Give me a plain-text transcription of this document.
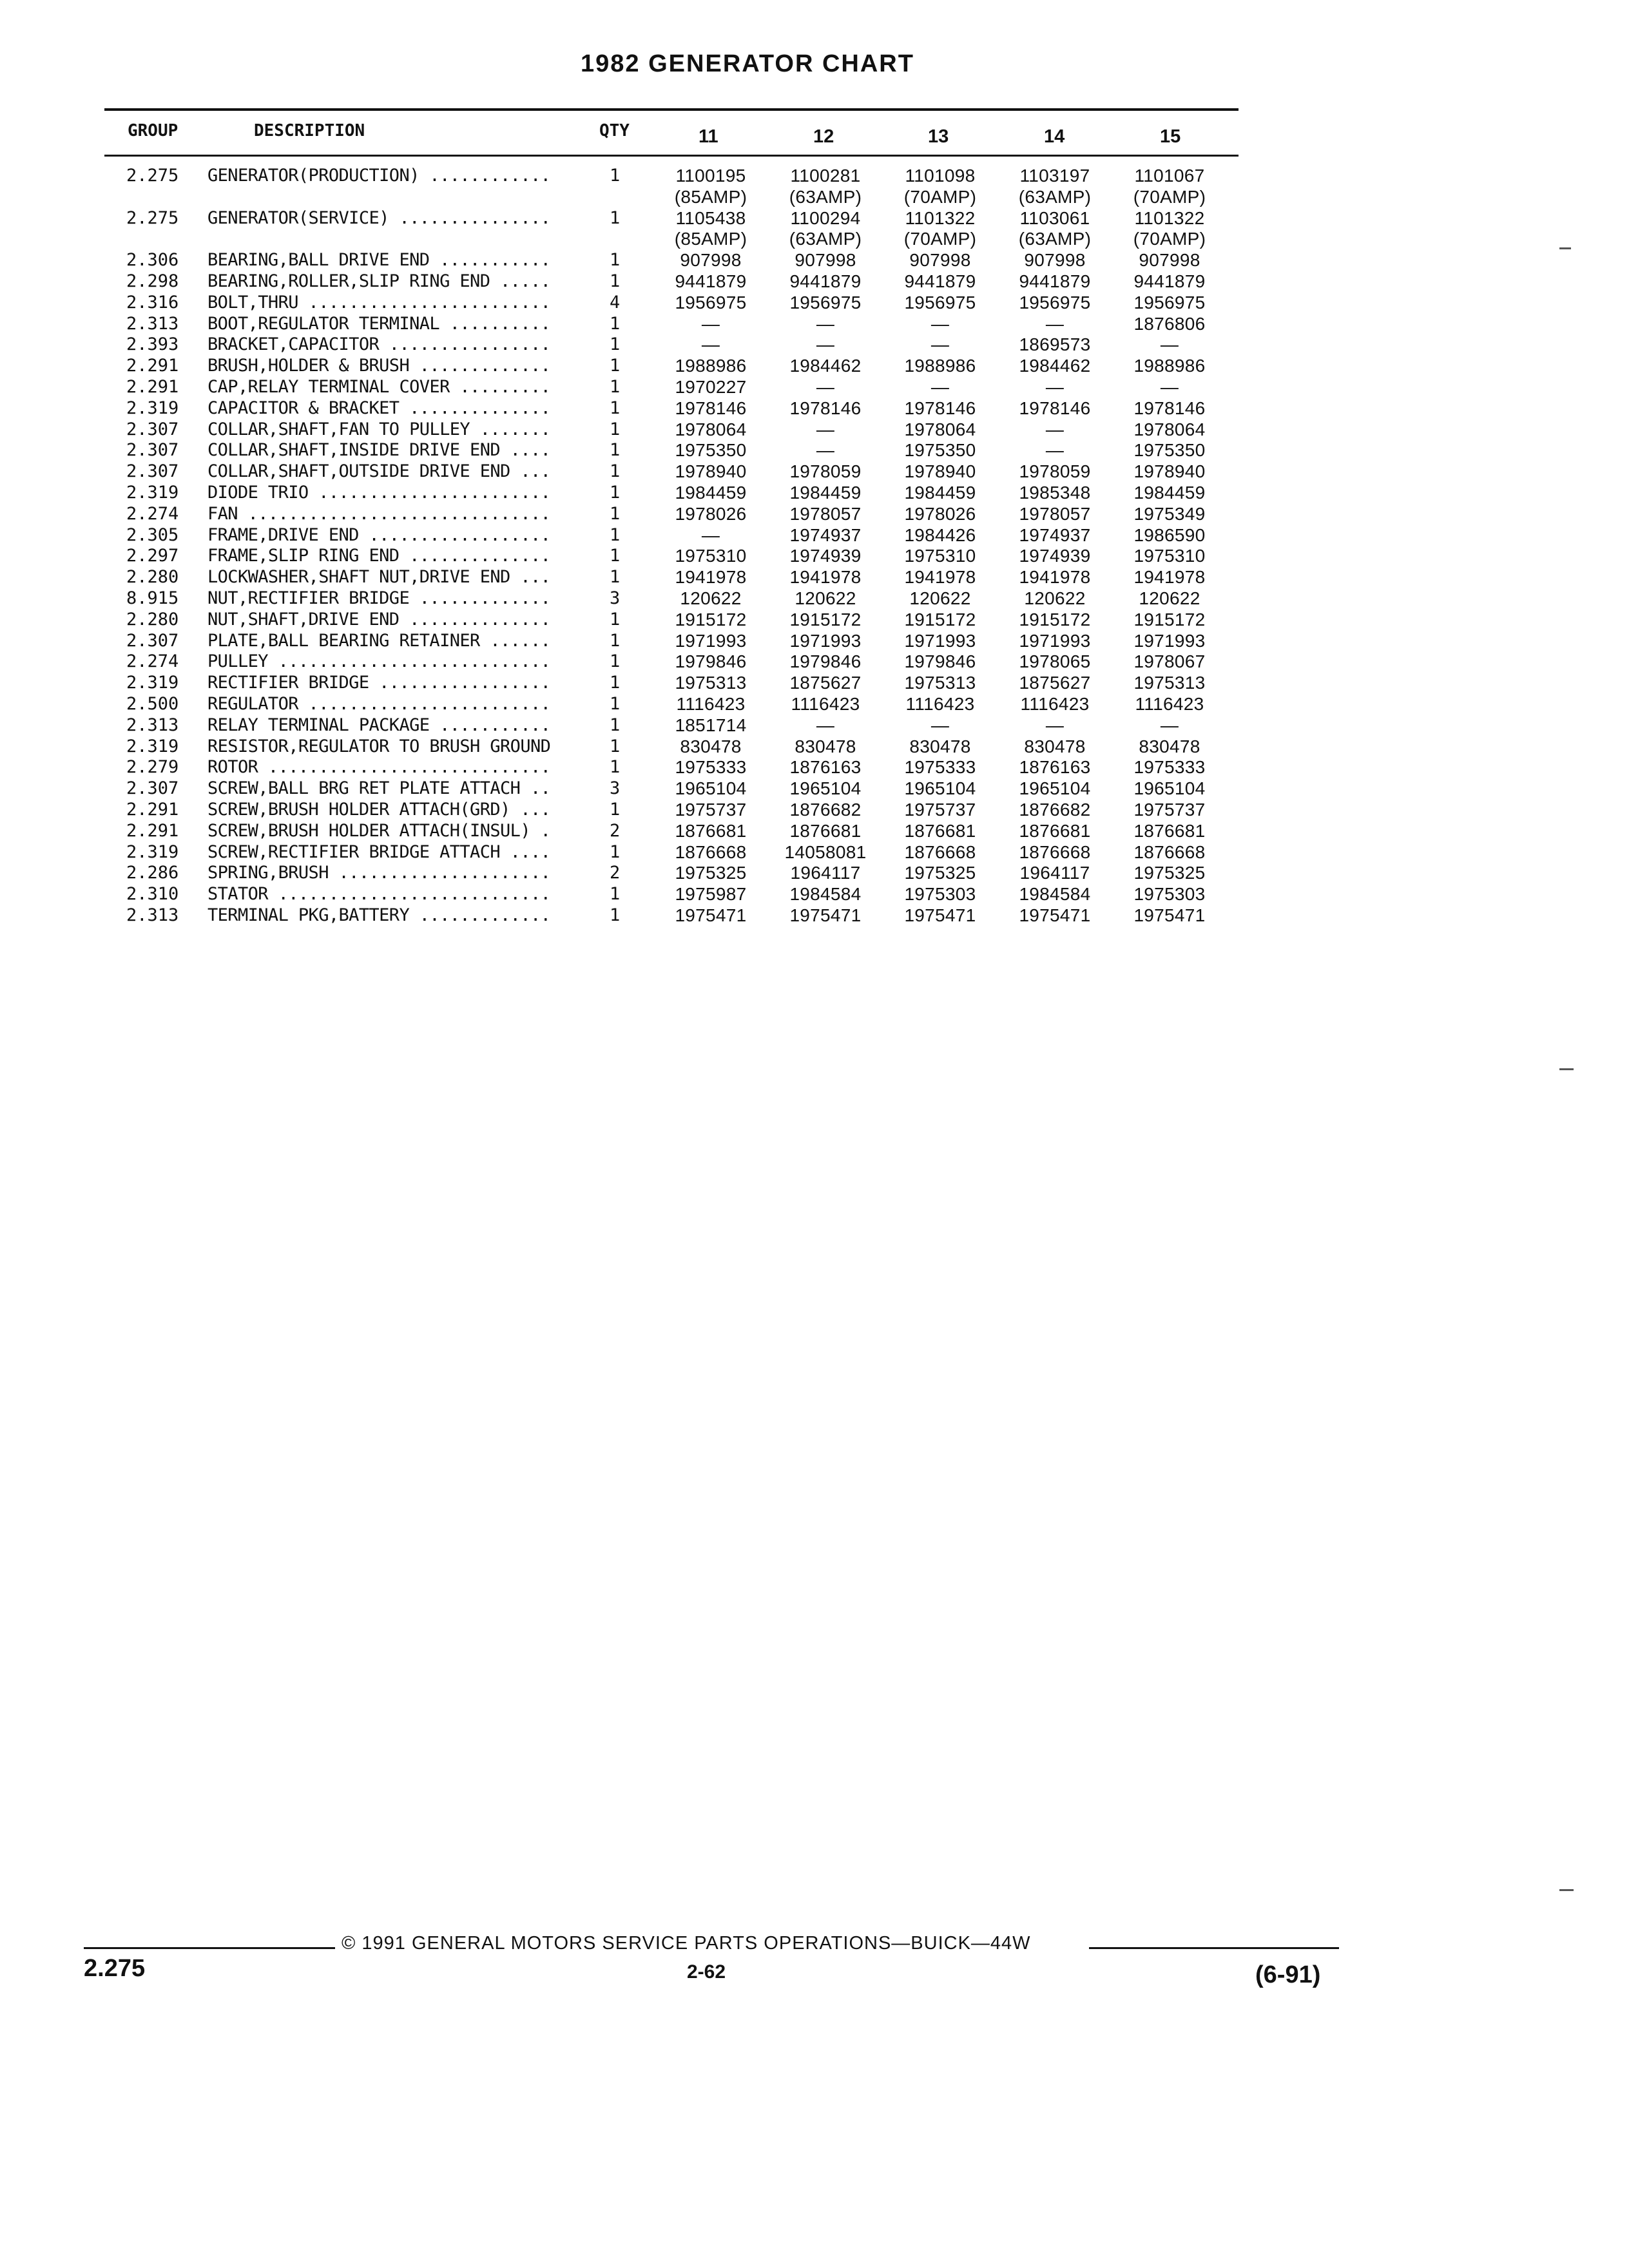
1982 GENERATOR CHART
GROUP	DESCRIPTION	QTY	11	12	13	14	15
2.275	GENERATOR(PRODUCTION) ............	1	1100195	1100281	1101098	1103197	1101067
(85AMP)	(63AMP)	(70AMP)	(63AMP)	(70AMP)
2.275	GENERATOR(SERVICE) ...............	1	1105438	1100294	1101322	1103061	1101322
(85AMP)	(63AMP)	(70AMP)	(63AMP)	(70AMP)
2.306	BEARING,BALL DRIVE END ...........	1	907998	907998	907998	907998	907998
2.298	BEARING,ROLLER,SLIP RING END .....	1	9441879	9441879	9441879	9441879	9441879
2.316	BOLT,THRU ........................	4	1956975	1956975	1956975	1956975	1956975
2.313	BOOT,REGULATOR TERMINAL ..........	1	—	—	—	—	1876806
2.393	BRACKET,CAPACITOR ................	1	—	—	—	1869573	—
2.291	BRUSH,HOLDER & BRUSH .............	1	1988986	1984462	1988986	1984462	1988986
2.291	CAP,RELAY TERMINAL COVER .........	1	1970227	—	—	—	—
2.319	CAPACITOR & BRACKET ..............	1	1978146	1978146	1978146	1978146	1978146
2.307	COLLAR,SHAFT,FAN TO PULLEY .......	1	1978064	—	1978064	—	1978064
2.307	COLLAR,SHAFT,INSIDE DRIVE END ....	1	1975350	—	1975350	—	1975350
2.307	COLLAR,SHAFT,OUTSIDE DRIVE END ...	1	1978940	1978059	1978940	1978059	1978940
2.319	DIODE TRIO .......................	1	1984459	1984459	1984459	1985348	1984459
2.274	FAN ..............................	1	1978026	1978057	1978026	1978057	1975349
2.305	FRAME,DRIVE END ..................	1	—	1974937	1984426	1974937	1986590
2.297	FRAME,SLIP RING END ..............	1	1975310	1974939	1975310	1974939	1975310
2.280	LOCKWASHER,SHAFT NUT,DRIVE END ...	1	1941978	1941978	1941978	1941978	1941978
8.915	NUT,RECTIFIER BRIDGE .............	3	120622	120622	120622	120622	120622
2.280	NUT,SHAFT,DRIVE END ..............	1	1915172	1915172	1915172	1915172	1915172
2.307	PLATE,BALL BEARING RETAINER ......	1	1971993	1971993	1971993	1971993	1971993
2.274	PULLEY ...........................	1	1979846	1979846	1979846	1978065	1978067
2.319	RECTIFIER BRIDGE .................	1	1975313	1875627	1975313	1875627	1975313
2.500	REGULATOR ........................	1	1116423	1116423	1116423	1116423	1116423
2.313	RELAY TERMINAL PACKAGE ...........	1	1851714	—	—	—	—
2.319	RESISTOR,REGULATOR TO BRUSH GROUND	1	830478	830478	830478	830478	830478
2.279	ROTOR ............................	1	1975333	1876163	1975333	1876163	1975333
2.307	SCREW,BALL BRG RET PLATE ATTACH ..	3	1965104	1965104	1965104	1965104	1965104
2.291	SCREW,BRUSH HOLDER ATTACH(GRD) ...	1	1975737	1876682	1975737	1876682	1975737
2.291	SCREW,BRUSH HOLDER ATTACH(INSUL) .	2	1876681	1876681	1876681	1876681	1876681
2.319	SCREW,RECTIFIER BRIDGE ATTACH ....	1	1876668	14058081	1876668	1876668	1876668
2.286	SPRING,BRUSH .....................	2	1975325	1964117	1975325	1964117	1975325
2.310	STATOR ...........................	1	1975987	1984584	1975303	1984584	1975303
2.313	TERMINAL PKG,BATTERY .............	1	1975471	1975471	1975471	1975471	1975471
© 1991 GENERAL MOTORS SERVICE PARTS OPERATIONS—BUICK—44W
2.275	2-62	(6-91)
